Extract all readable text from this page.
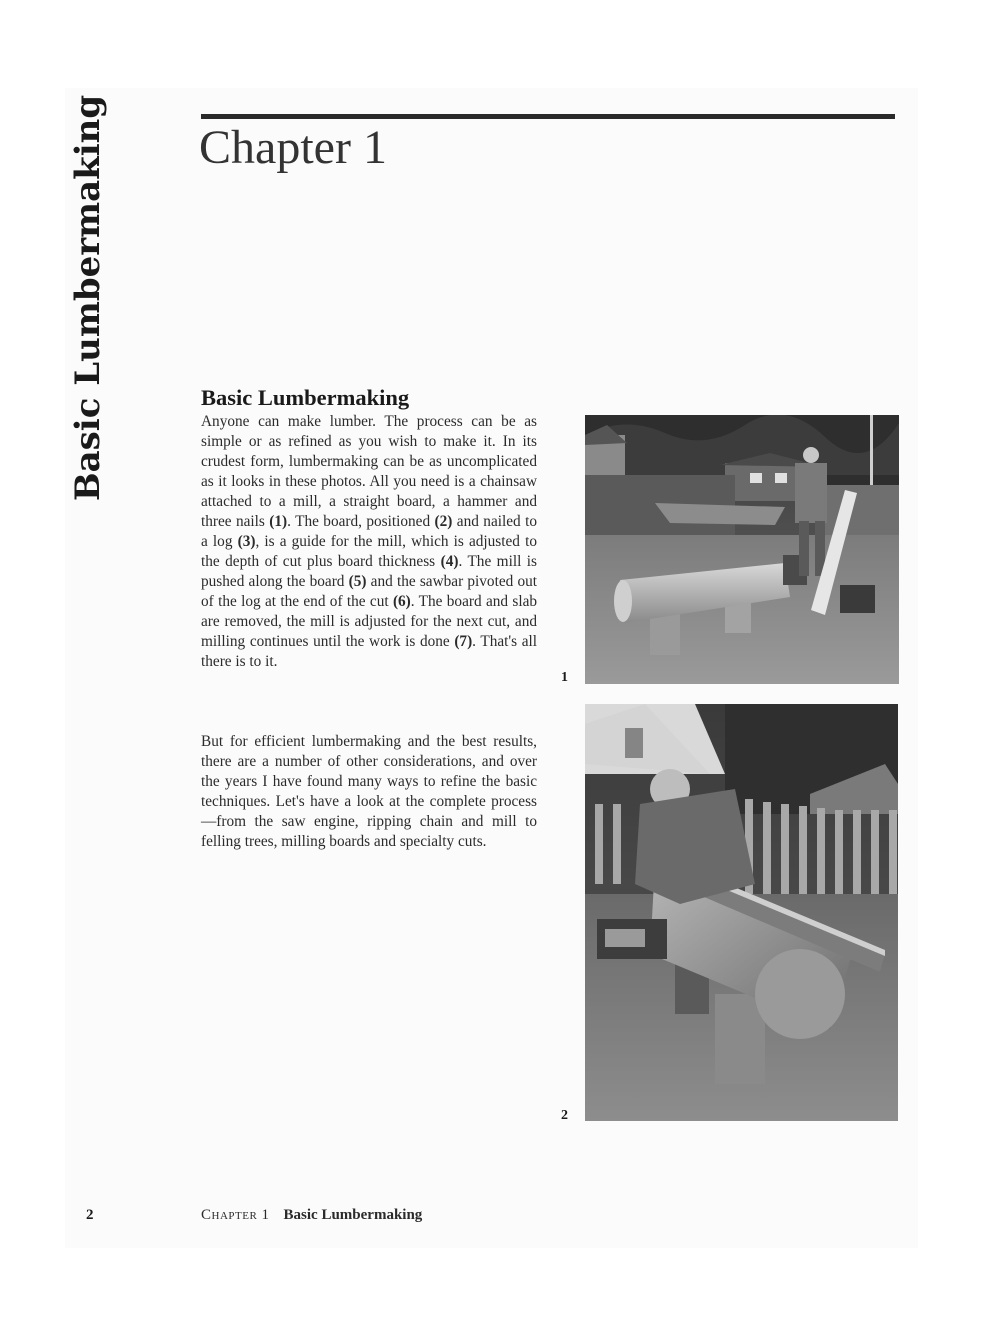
Basic Lumbermaking Chapter 1
Basic Lumbermaking

Anyone can make lumber. The process can be as simple or as refined as you wish to make it. In its crudest form, lumbermaking can be as uncomplicated as it looks in these photos. All you need is a chainsaw attached to a mill, a straight board, a hammer and three nails (1). The board, positioned (2) and nailed to a log (3), is a guide for the mill, which is adjusted to the depth of cut plus board thickness (4). The mill is pushed along the board (5) and the sawbar pivoted out of the log at the end of the cut (6). The board and slab are removed, the mill is adjusted for the next cut, and milling continues until the work is done (7). That's all there is to it.

But for efficient lumbermaking and the best results, there are a number of other considerations, and over the years I have found many ways to refine the basic techniques. Let's have a look at the complete process—from the saw engine, ripping chain and mill to felling trees, milling boards and specialty cuts.

1
2
2	Chapter 1 Basic Lumbermaking
